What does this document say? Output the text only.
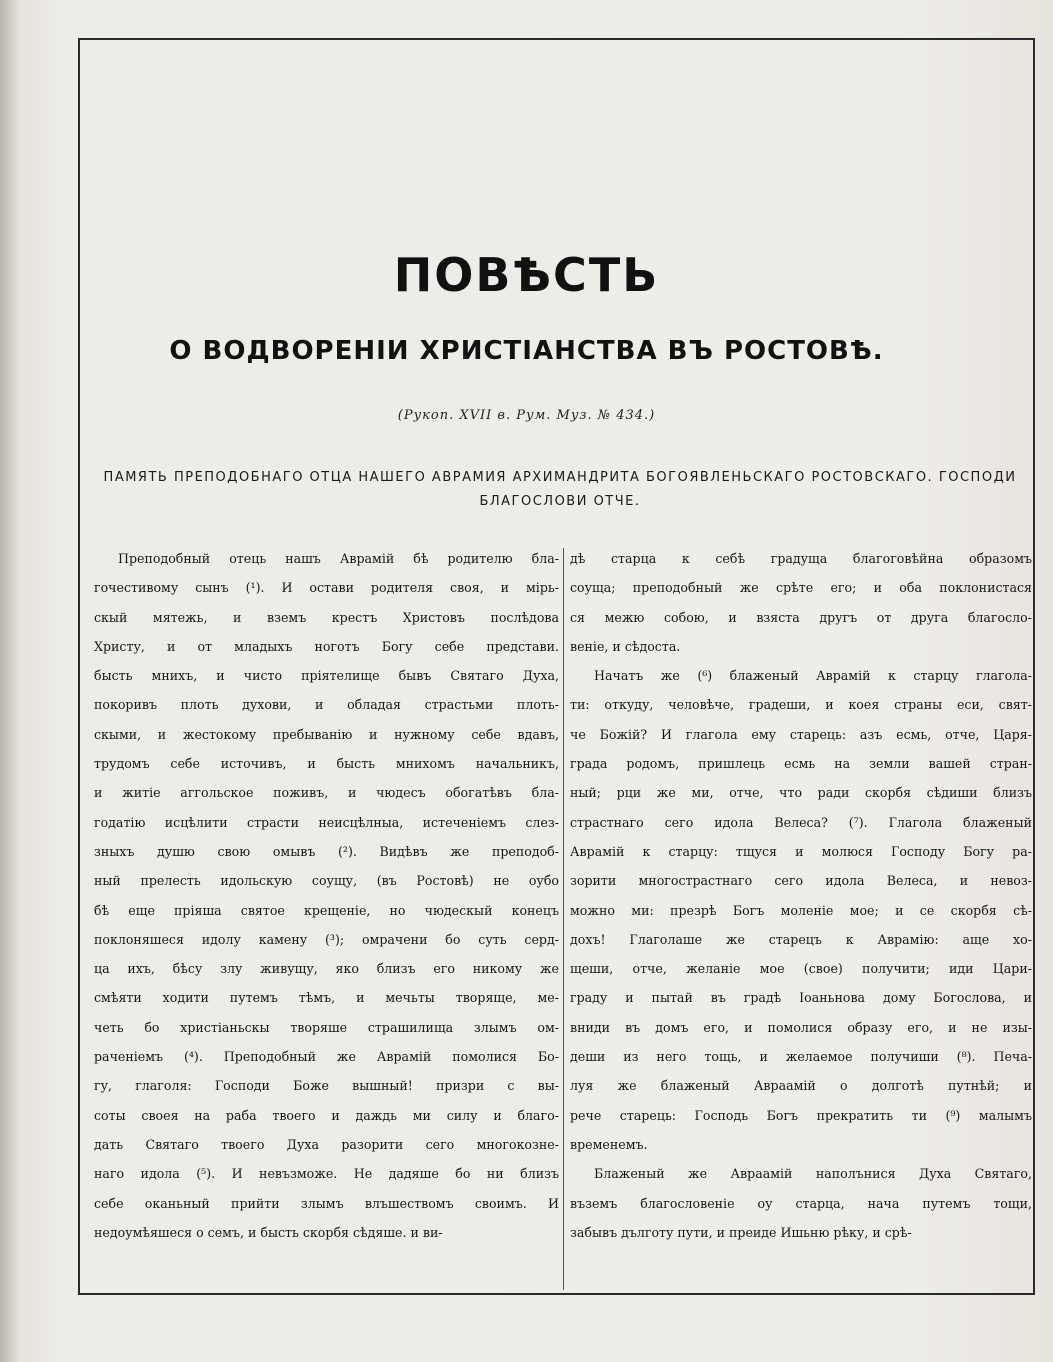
ПОВѢСТЬ
О ВОДВОРЕНІИ ХРИСТІАНСТВА ВЪ РОСТОВѢ.
(Рукоп. XVII в. Рум. Муз. № 434.)
ПАМЯТЬ ПРЕПОДОБНАГО ОТЦА НАШЕГО АВРАМИЯ АРХИМАНДРИТА БОГОЯВЛЕНЬСКАГО РОСТОВСКАГО. ГОСПОДИ
БЛАГОСЛОВИ ОТЧЕ.
Преподобный отець нашъ Аврамій бѣ родителю бла-
гочестивому сынъ (¹). И остави родителя своя, и мірь-
скый мятежь, и вземъ крестъ Христовъ послѣдова
Христу, и от младыхъ ноготъ Богу себе представи.
бысть мнихъ, и чисто прiятелище бывъ Святаго Духа,
покоривъ плоть духови, и обладая страстьми плоть-
скыми, и жестокому пребыванiю и нужному себе вдавъ,
трудомъ себе источивъ, и бысть мнихомъ начальникъ,
и житiе аггольское поживъ, и чюдесъ обогатѣвъ бла-
годатiю исцѣлити страсти неисцѣлныа, истеченiемъ слез-
зныхъ душю свою омывъ (²). Видѣвъ же преподоб-
ный прелесть идольскую соущу, (въ Ростовѣ) не оубо
бѣ еще прiяша святое крещенiе, но чюдескый конецъ
поклоняшеся идолу камену (³); омрачени бо суть серд-
ца ихъ, бѣсу злу живущу, яко близъ его никому же
смѣяти ходити путемъ тѣмъ, и мечьты творяще, ме-
четь бо христiаньскы творяше страшилища злымъ ом-
раченiемъ (⁴). Преподобный же Аврамiй помолися Бо-
гу, глаголя: Господи Боже вышный! призри с вы-
соты своея на раба твоего и даждь ми силу и благо-
дать Святаго твоего Духа разорити сего многокозне-
наго идола (⁵). И невъзможе. Не дадяше бо ни близъ
себе оканьный прийти злымъ влъшествомъ своимъ. И
недоумѣяшеся о семъ, и бысть скорбя сѣдяше. и ви-
дѣ старца к себѣ градуща благоговѣйна образомъ
соуща; преподобный же срѣте его; и оба поклонистася
ся межю собою, и взяста другъ от друга благосло-
венiе, и сѣдоста.
Начатъ же (⁶) блаженый Аврамiй к старцу глагола-
ти: откуду, человѣче, градеши, и коея страны еси, свят-
че Божiй? И глагола ему старець: азъ есмь, отче, Царя-
града родомъ, пришлець есмь на земли вашей стран-
ный; рци же ми, отче, что ради скорбя сѣдиши близъ
страстнаго сего идола Велеса? (⁷). Глагола блаженый
Аврамiй к старцу: тщуся и молюся Господу Богу ра-
зорити многострастнаго сего идола Велеса, и невоз-
можно ми: презрѣ Богъ моленiе мое; и се скорбя сѣ-
дохъ! Глаголаше же старецъ к Аврамiю: аще хо-
щеши, отче, желанiе мое (свое) получити; иди Цари-
граду и пытай въ градѣ Iоаньнова дому Богослова, и
вниди въ домъ его, и помолися образу его, и не изы-
деши из него тощь, и желаемое получиши (⁸). Печа-
луя же блаженый Авраамiй о долготѣ путнѣй; и
рече старець: Господь Богъ прекратить ти (⁹) малымъ
временемъ.
Блаженый же Авраамiй наполънися Духа Святаго,
въземъ благословенiе оу старца, нача путемъ тощи,
забывъ дълготу пути, и преиде Ишьню рѣку, и срѣ-
